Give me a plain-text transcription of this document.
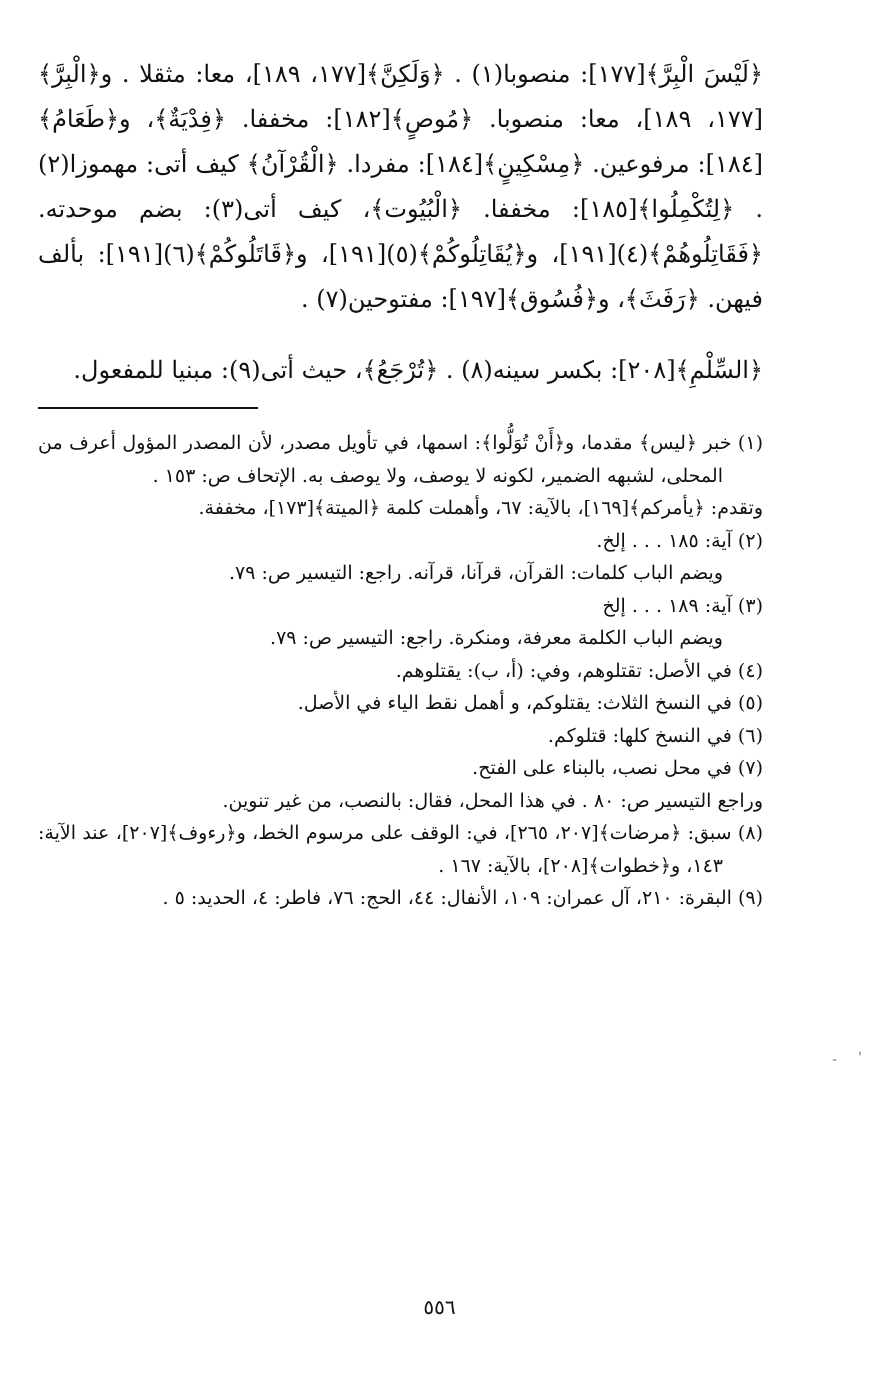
﴿لَيْسَ الْبِرَّ﴾[١٧٧]: منصوبا(١) . ﴿وَلَكِنَّ﴾[١٧٧، ١٨٩]، معا: مثقلا . و﴿الْبِرَّ﴾[١٧٧، ١٨٩]، معا: منصوبا. ﴿مُوصٍ﴾[١٨٢]: مخففا. ﴿فِدْيَةٌ﴾، و﴿طَعَامُ﴾[١٨٤]: مرفوعين. ﴿مِسْكِينٍ﴾[١٨٤]: مفردا. ﴿الْقُرْآنُ﴾ كيف أتى: مهموزا(٢) . ﴿لِتُكْمِلُوا﴾[١٨٥]: مخففا. ﴿الْبُيُوت﴾، كيف أتى(٣): بضم موحدته. ﴿فَقَاتِلُوهُمْ﴾(٤)[١٩١]، و﴿يُقَاتِلُوكُمْ﴾(٥)[١٩١]، و﴿قَاتَلُوكُمْ﴾(٦)[١٩١]: بألف فيهن. ﴿رَفَثَ﴾، و﴿فُسُوق﴾[١٩٧]: مفتوحين(٧) .

﴿السِّلْمِ﴾[٢٠٨]: بكسر سينه(٨) . ﴿تُرْجَعُ﴾، حيث أتى(٩): مبنيا للمفعول.

(١) خبر ﴿ليس﴾ مقدما، و﴿أَنْ تُوَلُّوا﴾: اسمها، في تأويل مصدر، لأن المصدر المؤول أعرف من المحلى، لشبهه الضمير، لكونه لا يوصف، ولا يوصف به. الإتحاف ص: ١٥٣ .

وتقدم: ﴿يأمركم﴾[١٦٩]، بالآية: ٦٧، وأهملت كلمة ﴿الميتة﴾[١٧٣]، مخففة.

(٢) آية: ١٨٥ . . . إلخ.

ويضم الباب كلمات: القرآن، قرآنا، قرآنه. راجع: التيسير ص: ٧٩.

(٣) آية: ١٨٩ . . . إلخ

ويضم الباب الكلمة معرفة، ومنكرة. راجع: التيسير ص: ٧٩.

(٤) في الأصل: تقتلوهم، وفي: (أ، ب): يقتلوهم.

(٥) في النسخ الثلاث: يقتلوكم، و أهمل نقط الياء في الأصل.

(٦) في النسخ كلها: قتلوكم.

(٧) في محل نصب، بالبناء على الفتح.

وراجع التيسير ص: ٨٠ . في هذا المحل، فقال: بالنصب، من غير تنوين.

(٨) سبق: ﴿مرضات﴾[٢٠٧، ٢٦٥]، في: الوقف على مرسوم الخط، و﴿رءوف﴾[٢٠٧]، عند الآية: ١٤٣، و﴿خطوات﴾[٢٠٨]، بالآية: ١٦٧ .

(٩) البقرة: ٢١٠، آل عمران: ١٠٩، الأنفال: ٤٤، الحج: ٧٦، فاطر: ٤، الحديد: ٥ .

٥٥٦
- '
